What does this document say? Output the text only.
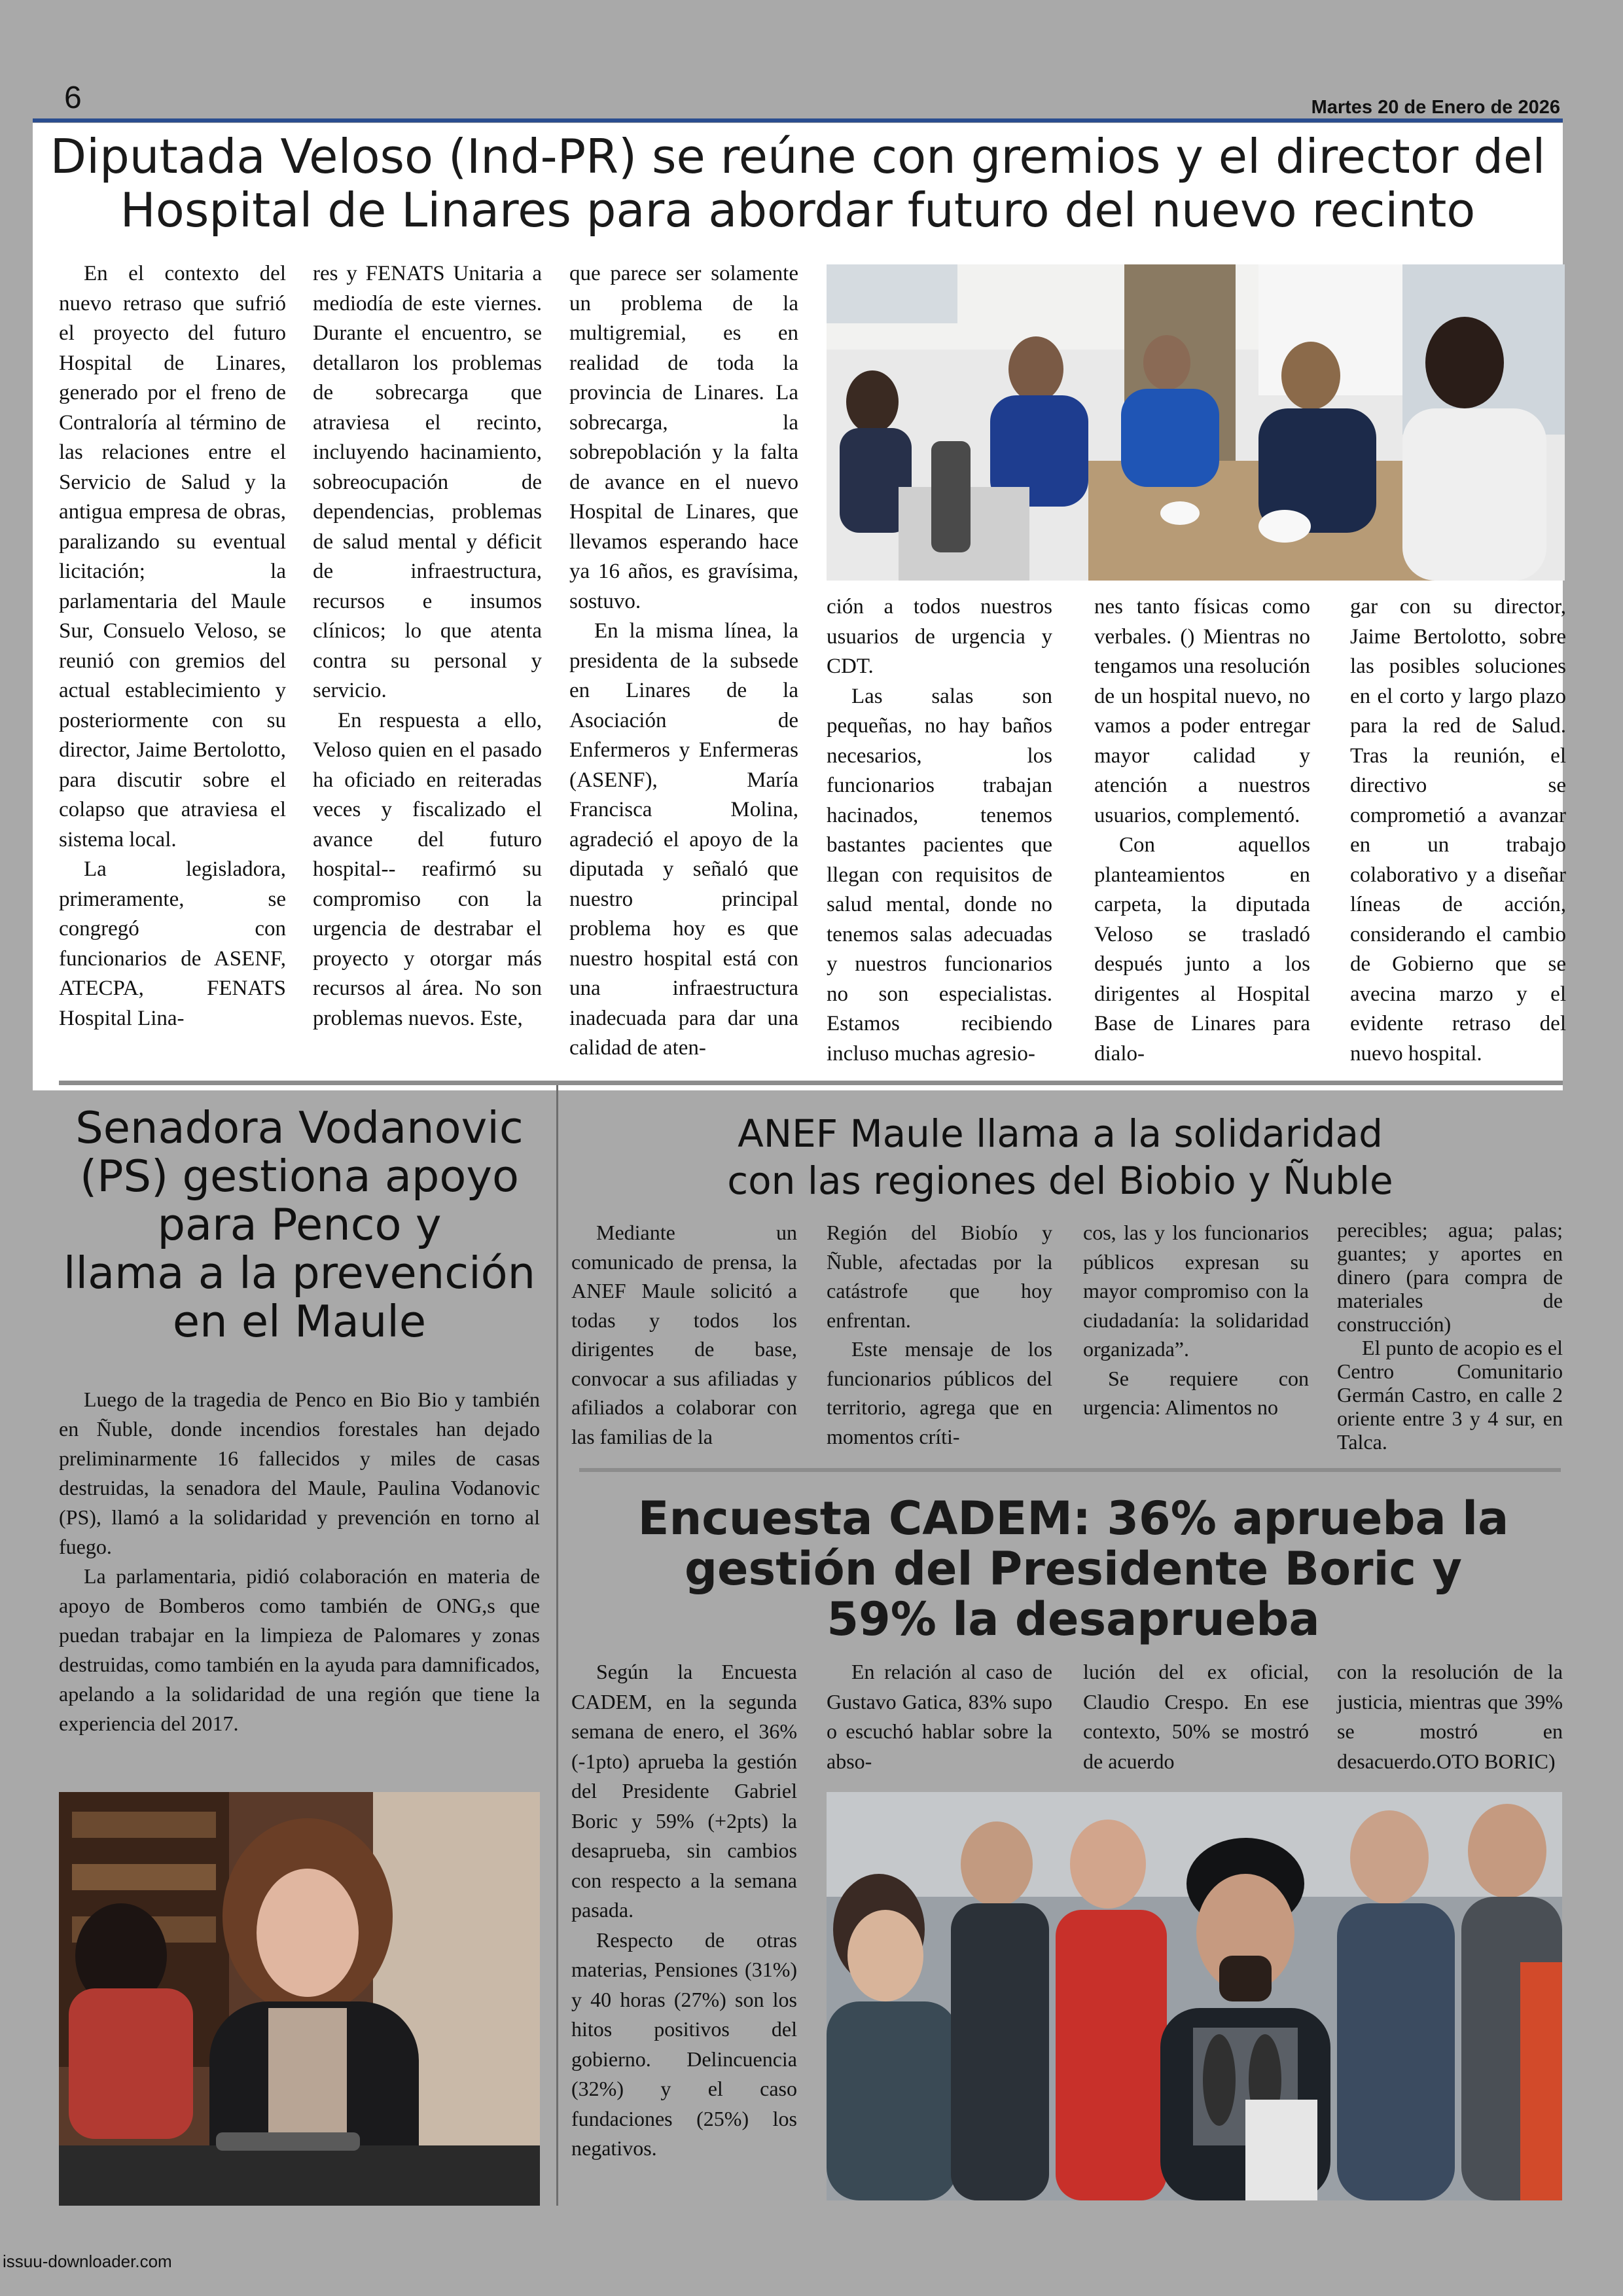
6	Martes 20 de Enero de 2026
Diputada Veloso (Ind-PR) se reúne con gremios y el director del
Hospital de Linares para abordar futuro del nuevo recinto

En el contexto del nuevo retraso que sufrió el proyecto del futuro Hospital de Linares, generado por el freno de Contraloría al término de las relaciones entre el Servicio de Salud y la antigua empresa de obras, paralizando su eventual licitación; la parlamentaria del Maule Sur, Consuelo Veloso, se reunió con gremios del actual establecimiento y posteriormente con su director, Jaime Bertolotto, para discutir sobre el colapso que atraviesa el sistema local.

La legisladora, primeramente, se congregó con funcionarios de ASENF, ATECPA, FENATS Hospital Lina-

res y FENATS Unitaria a mediodía de este viernes. Durante el encuentro, se detallaron los problemas de sobrecarga que atraviesa el recinto, incluyendo hacinamiento, sobreocupación de dependencias, problemas de salud mental y déficit de infraestructura, recursos e insumos clínicos; lo que atenta contra su personal y servicio.

En respuesta a ello, Veloso quien en el pasado ha oficiado en reiteradas veces y fiscalizado el avance del futuro hospital-- reafirmó su compromiso con la urgencia de destrabar el proyecto y otorgar más recursos al área. No son problemas nuevos. Este,

que parece ser solamente un problema de la multigremial, es en realidad de toda la provincia de Linares. La sobrecarga, la sobrepoblación y la falta de avance en el nuevo Hospital de Linares, que llevamos esperando hace ya 16 años, es gravísima, sostuvo.

En la misma línea, la presidenta de la subsede en Linares de la Asociación de Enfermeros y Enfermeras (ASENF), María Francisca Molina, agradeció el apoyo de la diputada y señaló que nuestro principal problema hoy es que nuestro hospital está con una infraestructura inadecuada para dar una calidad de aten-

ción a todos nuestros usuarios de urgencia y CDT.

Las salas son pequeñas, no hay baños necesarios, los funcionarios trabajan hacinados, tenemos bastantes pacientes que llegan con requisitos de salud mental, donde no tenemos salas adecuadas y nuestros funcionarios no son especialistas. Estamos recibiendo incluso muchas agresio-

nes tanto físicas como verbales. () Mientras no tengamos una resolución de un hospital nuevo, no vamos a poder entregar mayor calidad y atención a nuestros usuarios, complementó.

Con aquellos planteamientos en carpeta, la diputada Veloso se trasladó después junto a los dirigentes al Hospital Base de Linares para dialo-

gar con su director, Jaime Bertolotto, sobre las posibles soluciones en el corto y largo plazo para la red de Salud. Tras la reunión, el directivo se comprometió a avanzar en un trabajo colaborativo y a diseñar líneas de acción, considerando el cambio de Gobierno que se avecina marzo y el evidente retraso del nuevo hospital.

Senadora Vodanovic
(PS) gestiona apoyo
para Penco y
llama a la prevención
en el Maule

Luego de la tragedia de Penco en Bio Bio y también en Ñuble, donde incendios forestales han dejado preliminarmente 16 fallecidos y miles de casas destruidas, la senadora del Maule, Paulina Vodanovic (PS), llamó a la solidaridad y prevención en torno al fuego.

La parlamentaria, pidió colaboración en materia de apoyo de Bomberos como también de ONG,s que puedan trabajar en la limpieza de Palomares y zonas destruidas, como también en la ayuda para damnificados, apelando a la solidaridad de una región que tiene la experiencia del 2017.

ANEF Maule llama a la solidaridad
con las regiones del Biobio y Ñuble

Mediante un comunicado de prensa, la ANEF Maule solicitó a todas y todos los dirigentes de base, convocar a sus afiliadas y afiliados a colaborar con las familias de la

Región del Biobío y Ñuble, afectadas por la catástrofe que hoy enfrentan.

Este mensaje de los funcionarios públicos del territorio, agrega que en momentos críti-

cos, las y los funcionarios públicos expresan su mayor compromiso con la ciudadanía: la solidaridad organizada”.

Se requiere con urgencia: Alimentos no

perecibles; agua; palas; guantes; y aportes en dinero (para compra de materiales de construcción)

El punto de acopio es el Centro Comunitario Germán Castro, en calle 2 oriente entre 3 y 4 sur, en Talca.

Encuesta CADEM: 36% aprueba la
gestión del Presidente Boric y
59% la desaprueba

Según la Encuesta CADEM, en la segunda semana de enero, el 36% (-1pto) aprueba la gestión del Presidente Gabriel Boric y 59% (+2pts) la desaprueba, sin cambios con respecto a la semana pasada.

Respecto de otras materias, Pensiones (31%) y 40 horas (27%) son los hitos positivos del gobierno. Delincuencia (32%) y el caso fundaciones (25%) los negativos.

En relación al caso de Gustavo Gatica, 83% supo o escuchó hablar sobre la abso-

lución del ex oficial, Claudio Crespo. En ese contexto, 50% se mostró de acuerdo

con la resolución de la justicia, mientras que 39% se mostró en desacuerdo.OTO BORIC)

issuu-downloader.com
